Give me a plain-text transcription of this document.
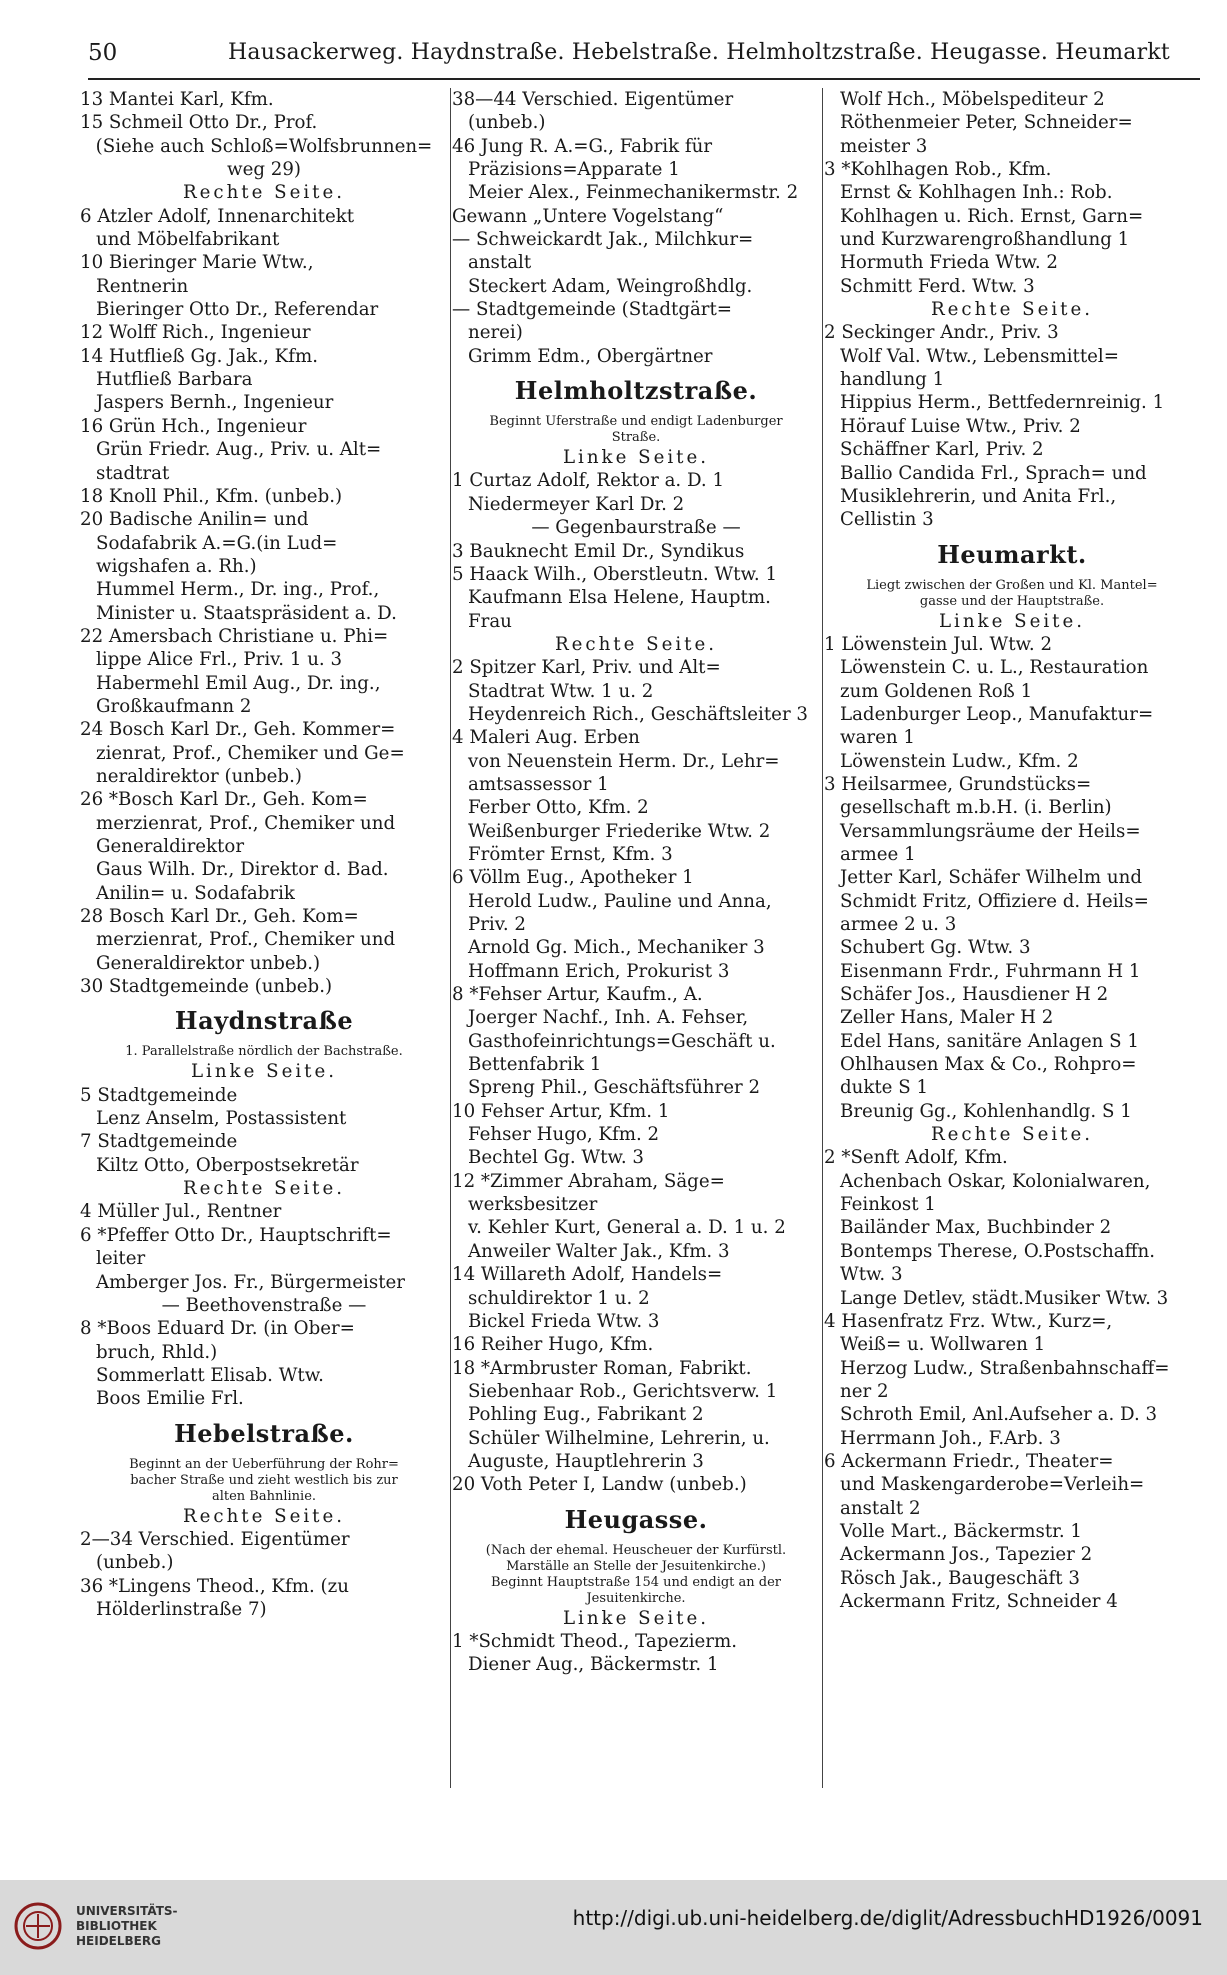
50	Hausackerweg. Haydnstraße. Hebelstraße. Helmholtzstraße. Heugasse. Heumarkt
13 Mantei Karl, Kfm.
15 Schmeil Otto Dr., Prof.
(Siehe auch Schloß=Wolfsbrunnen=
weg 29)
Rechte Seite.
6 Atzler Adolf, Innenarchitekt
und Möbelfabrikant
10 Bieringer Marie Wtw.,
Rentnerin
Bieringer Otto Dr., Referendar
12 Wolff Rich., Ingenieur
14 Hutfließ Gg. Jak., Kfm.
Hutfließ Barbara
Jaspers Bernh., Ingenieur
16 Grün Hch., Ingenieur
Grün Friedr. Aug., Priv. u. Alt=
stadtrat
18 Knoll Phil., Kfm. (unbeb.)
20 Badische Anilin= und
Sodafabrik A.=G.(in Lud=
wigshafen a. Rh.)
Hummel Herm., Dr. ing., Prof.,
Minister u. Staatspräsident a. D.
22 Amersbach Christiane u. Phi=
lippe Alice Frl., Priv. 1 u. 3
Habermehl Emil Aug., Dr. ing.,
Großkaufmann 2
24 Bosch Karl Dr., Geh. Kommer=
zienrat, Prof., Chemiker und Ge=
neraldirektor (unbeb.)
26 *Bosch Karl Dr., Geh. Kom=
merzienrat, Prof., Chemiker und
Generaldirektor
Gaus Wilh. Dr., Direktor d. Bad.
Anilin= u. Sodafabrik
28 Bosch Karl Dr., Geh. Kom=
merzienrat, Prof., Chemiker und
Generaldirektor unbeb.)
30 Stadtgemeinde (unbeb.)
Haydnstraße
1. Parallelstraße nördlich der Bachstraße.
Linke Seite.
5 Stadtgemeinde
Lenz Anselm, Postassistent
7 Stadtgemeinde
Kiltz Otto, Oberpostsekretär
Rechte Seite.
4 Müller Jul., Rentner
6 *Pfeffer Otto Dr., Hauptschrift=
leiter
Amberger Jos. Fr., Bürgermeister
— Beethovenstraße —
8 *Boos Eduard Dr. (in Ober=
bruch, Rhld.)
Sommerlatt Elisab. Wtw.
Boos Emilie Frl.
Hebelstraße.
Beginnt an der Ueberführung der Rohr=
bacher Straße und zieht westlich bis zur
alten Bahnlinie.
Rechte Seite.
2—34 Verschied. Eigentümer
(unbeb.)
36 *Lingens Theod., Kfm. (zu
Hölderlinstraße 7)
38—44 Verschied. Eigentümer
(unbeb.)
46 Jung R. A.=G., Fabrik für
Präzisions=Apparate 1
Meier Alex., Feinmechanikermstr. 2
Gewann „Untere Vogelstang“
— Schweickardt Jak., Milchkur=
anstalt
Steckert Adam, Weingroßhdlg.
— Stadtgemeinde (Stadtgärt=
nerei)
Grimm Edm., Obergärtner
Helmholtzstraße.
Beginnt Uferstraße und endigt Ladenburger
Straße.
Linke Seite.
1 Curtaz Adolf, Rektor a. D. 1
Niedermeyer Karl Dr. 2
— Gegenbaurstraße —
3 Bauknecht Emil Dr., Syndikus
5 Haack Wilh., Oberstleutn. Wtw. 1
Kaufmann Elsa Helene, Hauptm.
Frau
Rechte Seite.
2 Spitzer Karl, Priv. und Alt=
Stadtrat Wtw. 1 u. 2
Heydenreich Rich., Geschäftsleiter 3
4 Maleri Aug. Erben
von Neuenstein Herm. Dr., Lehr=
amtsassessor 1
Ferber Otto, Kfm. 2
Weißenburger Friederike Wtw. 2
Frömter Ernst, Kfm. 3
6 Völlm Eug., Apotheker 1
Herold Ludw., Pauline und Anna,
Priv. 2
Arnold Gg. Mich., Mechaniker 3
Hoffmann Erich, Prokurist 3
8 *Fehser Artur, Kaufm., A.
Joerger Nachf., Inh. A. Fehser,
Gasthofeinrichtungs=Geschäft u.
Bettenfabrik 1
Spreng Phil., Geschäftsführer 2
10 Fehser Artur, Kfm. 1
Fehser Hugo, Kfm. 2
Bechtel Gg. Wtw. 3
12 *Zimmer Abraham, Säge=
werksbesitzer
v. Kehler Kurt, General a. D. 1 u. 2
Anweiler Walter Jak., Kfm. 3
14 Willareth Adolf, Handels=
schuldirektor 1 u. 2
Bickel Frieda Wtw. 3
16 Reiher Hugo, Kfm.
18 *Armbruster Roman, Fabrikt.
Siebenhaar Rob., Gerichtsverw. 1
Pohling Eug., Fabrikant 2
Schüler Wilhelmine, Lehrerin, u.
Auguste, Hauptlehrerin 3
20 Voth Peter I, Landw (unbeb.)
Heugasse.
(Nach der ehemal. Heuscheuer der Kurfürstl.
Marställe an Stelle der Jesuitenkirche.)
Beginnt Hauptstraße 154 und endigt an der
Jesuitenkirche.
Linke Seite.
1 *Schmidt Theod., Tapezierm.
Diener Aug., Bäckermstr. 1
Wolf Hch., Möbelspediteur 2
Röthenmeier Peter, Schneider=
meister 3
3 *Kohlhagen Rob., Kfm.
Ernst & Kohlhagen Inh.: Rob.
Kohlhagen u. Rich. Ernst, Garn=
und Kurzwarengroßhandlung 1
Hormuth Frieda Wtw. 2
Schmitt Ferd. Wtw. 3
Rechte Seite.
2 Seckinger Andr., Priv. 3
Wolf Val. Wtw., Lebensmittel=
handlung 1
Hippius Herm., Bettfedernreinig. 1
Hörauf Luise Wtw., Priv. 2
Schäffner Karl, Priv. 2
Ballio Candida Frl., Sprach= und
Musiklehrerin, und Anita Frl.,
Cellistin 3
Heumarkt.
Liegt zwischen der Großen und Kl. Mantel=
gasse und der Hauptstraße.
Linke Seite.
1 Löwenstein Jul. Wtw. 2
Löwenstein C. u. L., Restauration
zum Goldenen Roß 1
Ladenburger Leop., Manufaktur=
waren 1
Löwenstein Ludw., Kfm. 2
3 Heilsarmee, Grundstücks=
gesellschaft m.b.H. (i. Berlin)
Versammlungsräume der Heils=
armee 1
Jetter Karl, Schäfer Wilhelm und
Schmidt Fritz, Offiziere d. Heils=
armee 2 u. 3
Schubert Gg. Wtw. 3
Eisenmann Frdr., Fuhrmann H 1
Schäfer Jos., Hausdiener H 2
Zeller Hans, Maler H 2
Edel Hans, sanitäre Anlagen S 1
Ohlhausen Max & Co., Rohpro=
dukte S 1
Breunig Gg., Kohlenhandlg. S 1
Rechte Seite.
2 *Senft Adolf, Kfm.
Achenbach Oskar, Kolonialwaren,
Feinkost 1
Bailänder Max, Buchbinder 2
Bontemps Therese, O.Postschaffn.
Wtw. 3
Lange Detlev, städt.Musiker Wtw. 3
4 Hasenfratz Frz. Wtw., Kurz=,
Weiß= u. Wollwaren 1
Herzog Ludw., Straßenbahnschaff=
ner 2
Schroth Emil, Anl.Aufseher a. D. 3
Herrmann Joh., F.Arb. 3
6 Ackermann Friedr., Theater=
und Maskengarderobe=Verleih=
anstalt 2
Volle Mart., Bäckermstr. 1
Ackermann Jos., Tapezier 2
Rösch Jak., Baugeschäft 3
Ackermann Fritz, Schneider 4
UNIVERSITÄTS-
BIBLIOTHEK
HEIDELBERG
http://digi.ub.uni-heidelberg.de/diglit/AdressbuchHD1926/0091
